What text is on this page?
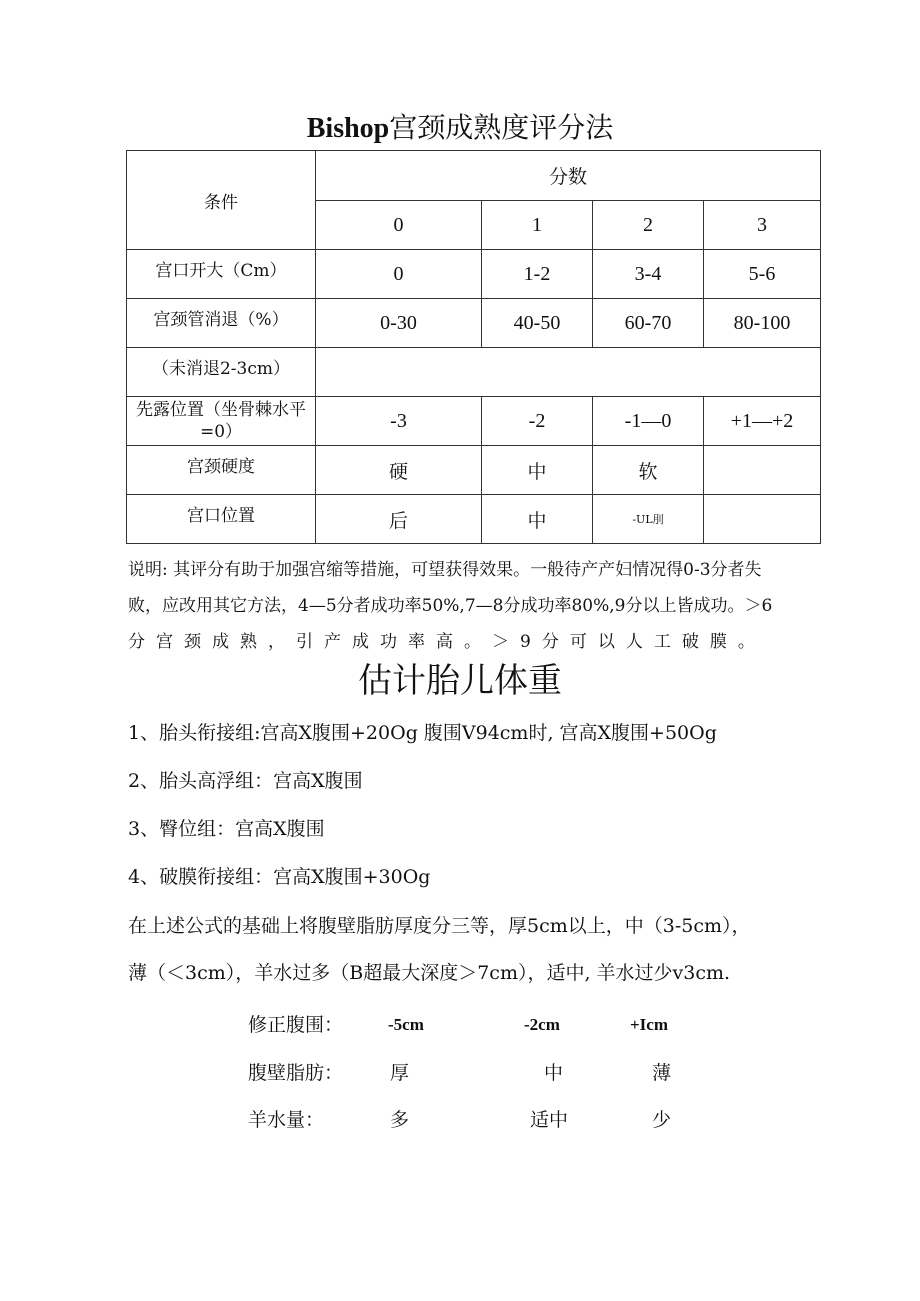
Bishop宫颈成熟度评分法
条件	分数			
	0	1	2	3
宫口开大（Cm）	0	1-2	3-4	5-6
宫颈管消退（%）	0-30	40-50	60-70	80-100
（未消退2-3cm）				
先露位置（坐骨棘水平=0）	-3	-2	-1—0	+1—+2
宫颈硬度	硬	中	软	
宫口位置	后	中	-UL刖	
说明: 其评分有助于加强宫缩等措施，可望获得效果。一般待产产妇情况得0-3分者失
败，应改用其它方法，4—5分者成功率50%,7—8分成功率80%,9分以上皆成功。＞6
分宫颈成熟，引产成功率高。＞9分可以人工破膜。
估计胎儿体重
1、胎头衔接组:宫高X腹围+20Og 腹围V94cm时, 宫高X腹围+50Og
2、胎头高浮组：宫高X腹围
3、臀位组：宫高X腹围
4、破膜衔接组：宫高X腹围+30Og
在上述公式的基础上将腹壁脂肪厚度分三等，厚5cm以上，中（3-5cm），
薄（＜3cm），羊水过多（B超最大深度＞7cm），适中, 羊水过少v3cm.
修正腹围：	-5cm	-2cm	+Icm
腹壁脂肪： 厚	中	薄
羊水量：	多	适中	少
